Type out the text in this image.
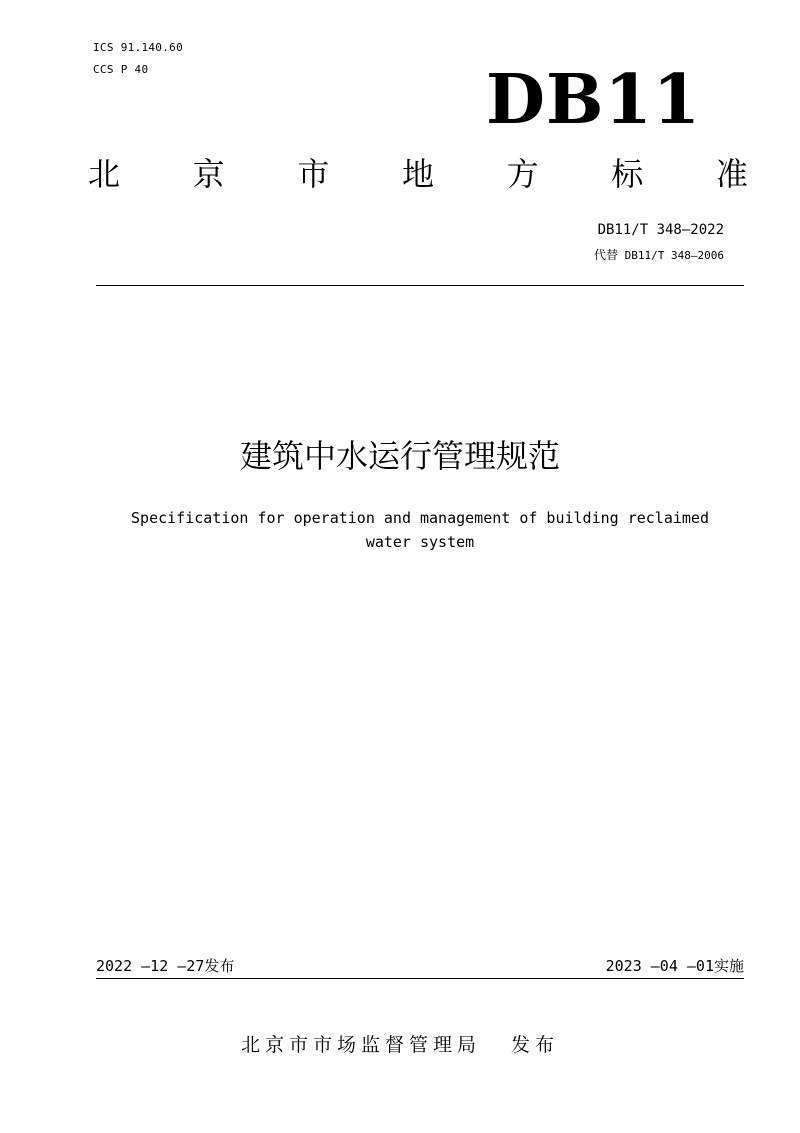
ICS 91.140.60
CCS P 40	DB11
北 京 市 地 方 标 准
DB11/T 348—2022
代替 DB11/T 348—2006
建筑中水运行管理规范
Specification for operation and management of building reclaimed water system
2022 —12 —27发布	2023 —04 —01实施
北京市市场监督管理局 发布
